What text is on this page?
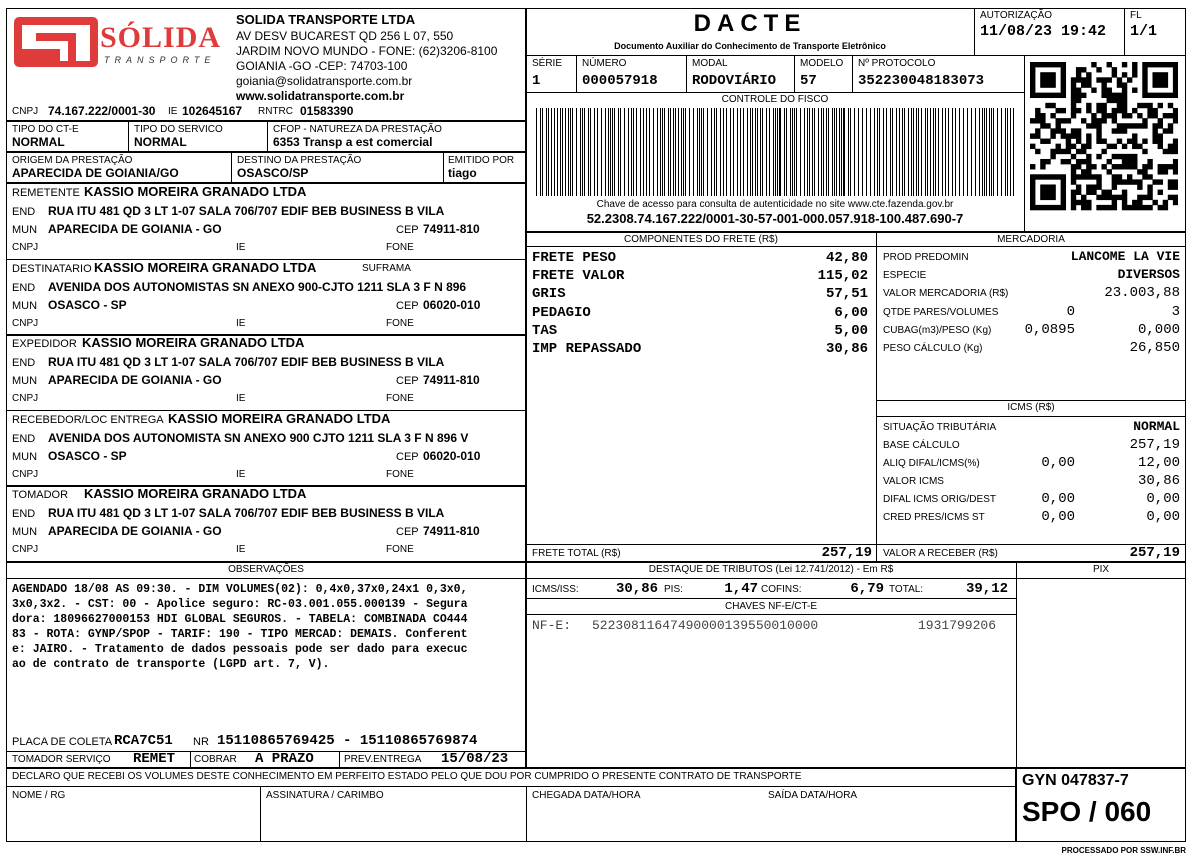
SÓLIDA
TRANSPORTE
SOLIDA TRANSPORTE LTDA
AV DESV BUCAREST QD 256 L 07, 550
JARDIM NOVO MUNDO - FONE: (62)3206-8100
GOIANIA -GO -CEP: 74703-100
goiania@solidatransporte.com.br
www.solidatransporte.com.br
CNPJ 74.167.222/0001-30 IE 102645167 RNTRC 01583390
TIPO DO CT-E
NORMAL
TIPO DO SERVICO
NORMAL
CFOP - NATUREZA DA PRESTAÇÃO
6353 Transp a est comercial
ORIGEM DA PRESTAÇÃO
APARECIDA DE GOIANIA/GO
DESTINO DA PRESTAÇÃO
OSASCO/SP
EMITIDO POR
tiago
DACTE
Documento Auxiliar do Conhecimento de Transporte Eletrônico
AUTORIZAÇÃO
11/08/23 19:42
FL
1/1
SÉRIE
1
NÚMERO
000057918
MODAL
RODOVIÁRIO
MODELO
57
Nº PROTOCOLO
352230048183073
CONTROLE DO FISCO
Chave de acesso para consulta de autenticidade no site www.cte.fazenda.gov.br
52.2308.74.167.222/0001-30-57-001-000.057.918-100.487.690-7
COMPONENTES DO FRETE (R$)	MERCADORIA
FRETE TOTAL (R$)	257,19
PROD PREDOMIN	LANCOME LA VIE
ESPECIE	DIVERSOS
VALOR MERCADORIA (R$)	23.003,88
QTDE PARES/VOLUMES	0	3
CUBAG(m3)/PESO (Kg)	0,0895	0,000
PESO CÁLCULO (Kg)	26,850
ICMS (R$)
SITUAÇÃO TRIBUTÁRIA	NORMAL
BASE CÁLCULO	257,19
ALIQ DIFAL/ICMS(%)	0,00	12,00
VALOR ICMS	30,86
DIFAL ICMS ORIG/DEST	0,00	0,00
CRED PRES/ICMS ST	0,00	0,00
VALOR A RECEBER (R$)	257,19
OBSERVAÇÕES
PLACA DE COLETA RCA7C51 NR 15110865769425 - 15110865769874
TOMADOR SERVIÇO REMET COBRAR A PRAZO	PREV.ENTREGA 15/08/23
DESTAQUE DE TRIBUTOS (Lei 12.741/2012) - Em R$	PIX
ICMS/ISS:	30,86 PIS:	1,47 COFINS:	6,79 TOTAL:	39,12
CHAVES NF-E/CT-E
NF-E: 52230811647490000139550010000	1931799206
DECLARO QUE RECEBI OS VOLUMES DESTE CONHECIMENTO EM PERFEITO ESTADO PELO QUE DOU POR CUMPRIDO O PRESENTE CONTRATO DE TRANSPORTE
NOME / RG	ASSINATURA / CARIMBO	CHEGADA DATA/HORA	SAÍDA DATA/HORA
GYN 047837-7
SPO / 060
PROCESSADO POR SSW.INF.BR
REMETENTE KASSIO MOREIRA GRANADO LTDA
END RUA ITU 481 QD 3 LT 1-07 SALA 706/707 EDIF BEB BUSINESS B VILA
MUN APARECIDA DE GOIANIA - GO	CEP 74911-810
CNPJ	IE	FONE
DESTINATARIO KASSIO MOREIRA GRANADO LTDA	SUFRAMA
END AVENIDA DOS AUTONOMISTAS SN ANEXO 900-CJTO 1211 SLA 3 F N 896
MUN OSASCO - SP	CEP 06020-010
CNPJ	IE	FONE
EXPEDIDOR KASSIO MOREIRA GRANADO LTDA
END RUA ITU 481 QD 3 LT 1-07 SALA 706/707 EDIF BEB BUSINESS B VILA
MUN APARECIDA DE GOIANIA - GO	CEP 74911-810
CNPJ	IE	FONE
RECEBEDOR/LOC ENTREGA KASSIO MOREIRA GRANADO LTDA
END AVENIDA DOS AUTONOMISTA SN ANEXO 900 CJTO 1211 SLA 3 F N 896 V
MUN OSASCO - SP	CEP 06020-010
CNPJ	IE	FONE
TOMADOR KASSIO MOREIRA GRANADO LTDA
END RUA ITU 481 QD 3 LT 1-07 SALA 706/707 EDIF BEB BUSINESS B VILA
MUN APARECIDA DE GOIANIA - GO	CEP 74911-810
CNPJ	IE	FONE
FRETE PESO	42,80
FRETE VALOR	115,02
GRIS	57,51
PEDAGIO	6,00
TAS	5,00
IMP REPASSADO	30,86
AGENDADO 18/08 AS 09:30. - DIM VOLUMES(02): 0,4x0,37x0,24x1 0,3x0,
3x0,3x2. - CST: 00 - Apolice seguro: RC-03.001.055.000139 - Segura
dora: 18096627000153 HDI GLOBAL SEGUROS. - TABELA: COMBINADA CO444
83 - ROTA: GYNP/SPOP - TARIF: 190 - TIPO MERCAD: DEMAIS. Conferent
e: JAIRO. - Tratamento de dados pessoais pode ser dado para execuc
ao de contrato de transporte (LGPD art. 7, V).
